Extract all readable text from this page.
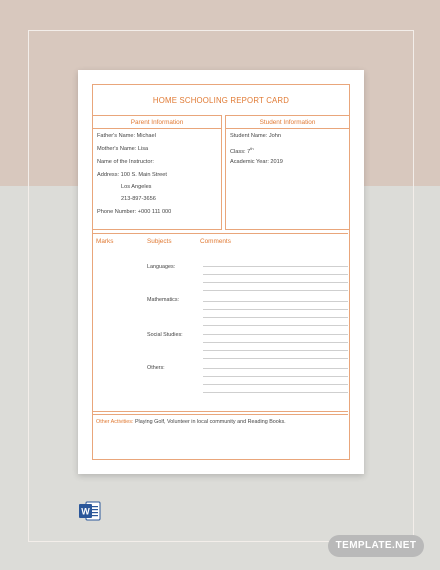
HOME SCHOOLING REPORT CARD
Parent Information
Father's Name: Michael
Mother's Name: Lisa
Name of the Instructor:
Address: 100 S. Main Street
Los Angeles
213-897-3656
Phone Number: +000 111 000
Student Information
Student Name: John
Class: 7th
Academic Year: 2019
Marks	Subjects	Comments
Languages:
Mathematics:
Social Studies:
Others:
Other Activities: Playing Golf, Volunteer in local community and Reading Books.
W
TEMPLATE.NET
